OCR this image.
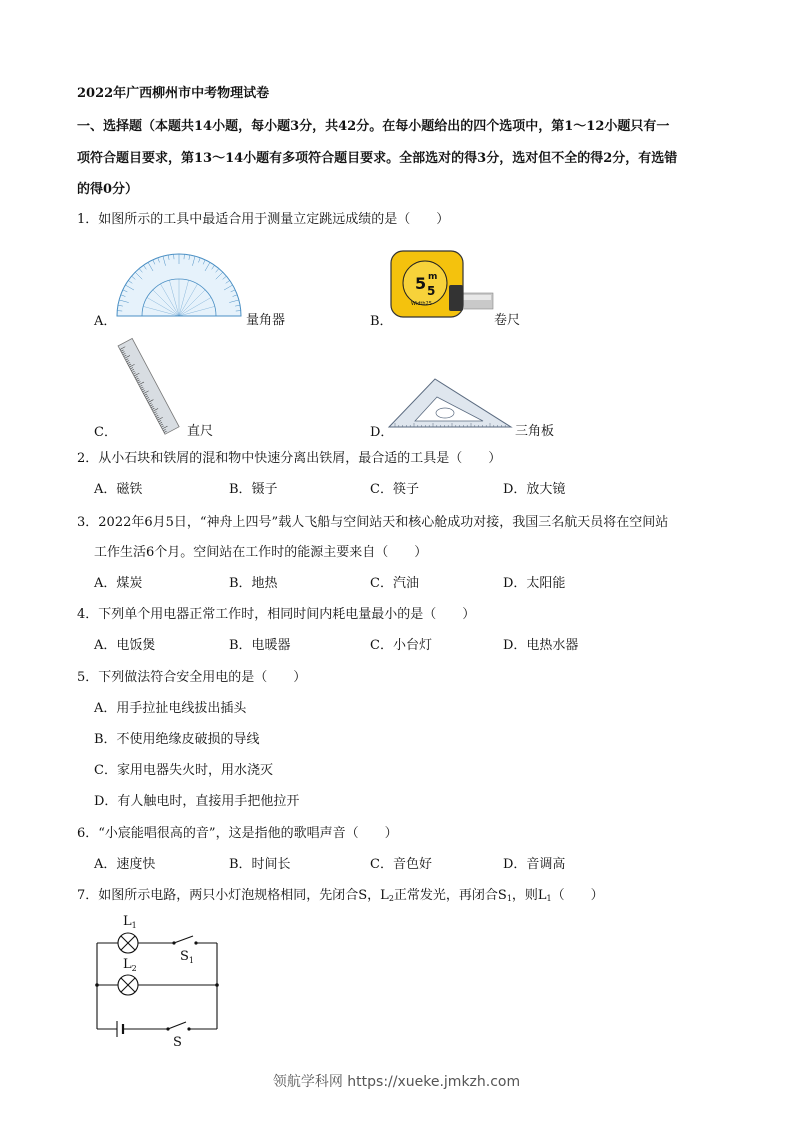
2022年广西柳州市中考物理试卷
一、选择题（本题共14小题，每小题3分，共42分。在每小题给出的四个选项中，第1～12小题只有一
项符合题目要求，第13～14小题有多项符合题目要求。全部选对的得3分，选对但不全的得2分，有选错
的得0分）
1．如图所示的工具中最适合用于测量立定跳远成绩的是（　　）
A．	量角器
5 m
5
Width25
B．	卷尺
C．	直尺	D．	三角板
2．从小石块和铁屑的混和物中快速分离出铁屑，最合适的工具是（　　）
A．磁铁	B．镊子	C．筷子	D．放大镜
3．2022年6月5日，“神舟上四号”载人飞船与空间站天和核心舱成功对接，我国三名航天员将在空间站
工作生活6个月。空间站在工作时的能源主要来自（　　）
A．煤炭	B．地热	C．汽油	D．太阳能
4．下列单个用电器正常工作时，相同时间内耗电量最小的是（　　）
A．电饭煲	B．电暖器	C．小台灯	D．电热水器
5．下列做法符合安全用电的是（　　）
A．用手拉扯电线拔出插头
B．不使用绝缘皮破损的导线
C．家用电器失火时，用水浇灭
D．有人触电时，直接用手把他拉开
6．“小宸能唱很高的音”，这是指他的歌唱声音（　　）
A．速度快	B．时间长	C．音色好	D．音调高
7．如图所示电路，两只小灯泡规格相同，先闭合S，$L_2$正常发光，再闭合$S_1$，则$L_1$（　　）
$L_1$
$L_2$
$S_1$
S
领航学科网 https://xueke.jmkzh.com
